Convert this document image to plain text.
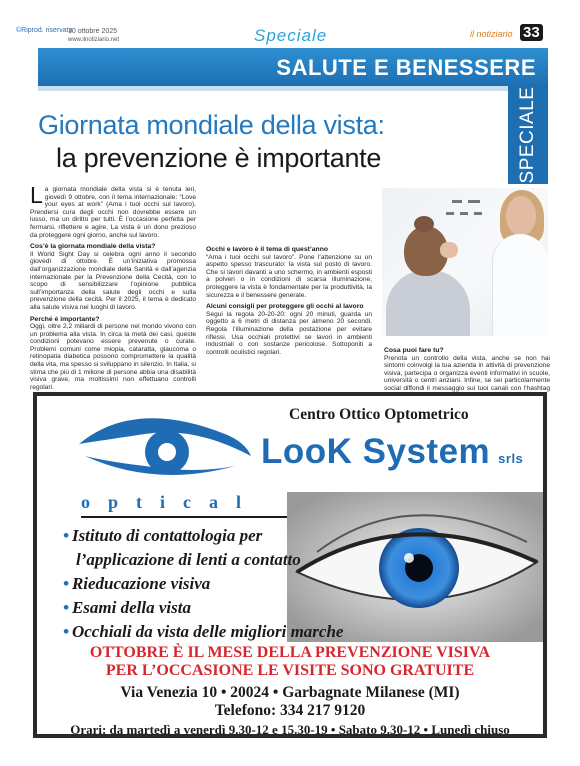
©Riprod. riservata
10 ottobre 2025
www.ilnotiziario.net	Speciale	il notiziario 33
SALUTE E BENESSERE
SPECIALE
Giornata mondiale della vista:
la prevenzione è importante

La giornata mondiale della vista si è tenuta ieri, giovedì 9 ottobre, con il tema internazionale: “Love your eyes at work” (Ama i tuoi occhi sul lavoro). Prendersi cura degli occhi non dovrebbe essere un lusso, ma un diritto per tutti. È l’occasione perfetta per fermarsi, riflettere e agire. La vista è un dono prezioso da proteggere ogni giorno, anche sul lavoro.

Cos’è la giornata mondiale della vista?

Il World Sight Day si celebra ogni anno il secondo giovedì di ottobre. È un’iniziativa promossa dall’organizzazione mondiale della Sanità e dall’agenzia internazionale per la Prevenzione della Cecità, con lo scopo di sensibilizzare l’opinione pubblica sull’importanza della salute degli occhi e sulla prevenzione della cecità. Per il 2025, il tema è dedicato alla salute visiva nei luoghi di lavoro.

Perché è importante?

Oggi, oltre 2,2 miliardi di persone nel mondo vivono con un problema alla vista. In circa la metà dei casi, queste condizioni potevano essere prevenute o curate. Problemi comuni come miopia, cataratta, glaucoma o retinopatia diabetica possono compromettere la qualità della vita, ma spesso si sviluppano in silenzio. In Italia, si stima che più di 1 milione di persone abbia una disabilità visiva grave, ma moltissimi non effettuano controlli regolari.

Occhi e lavoro è il tema di quest’anno

“Ama i tuoi occhi sul lavoro”. Pone l’attenzione su un aspetto spesso trascurato: la vista sul posto di lavoro. Che si lavori davanti a uno schermo, in ambienti esposti a polveri o in condizioni di scarsa illuminazione, proteggere la vista è fondamentale per la produttività, la sicurezza e il benessere generale.

Alcuni consigli per proteggere gli occhi al lavoro

Segui la regola 20-20-20: ogni 20 minuti, guarda un oggetto a 6 metri di distanza per almeno 20 secondi. Regola l’illuminazione della postazione per evitare riflessi. Usa occhiali protettivi se lavori in ambienti industriali o con sostanze pericolose. Sottoponiti a controlli oculistici regolari.	Cosa puoi fare tu?

Prenota un controllo della vista, anche se non hai sintomi coinvolgi la tua azienda in attività di prevenzione visiva, partecipa o organizza eventi informativi in scuole, università o centri anziani. Infine, se sei particolarmente social diffondi il messaggio sui tuoi canali con l’hashtag

Centro Ottico Optometrico
LooK System srls
optical
• Istituto di contattologia per
l’applicazione di lenti a contatto
• Rieducazione visiva
• Esami della vista
• Occhiali da vista delle migliori marche
OTTOBRE È IL MESE DELLA PREVENZIONE VISIVA
PER L’OCCASIONE LE VISITE SONO GRATUITE
Via Venezia 10 • 20024 • Garbagnate Milanese (MI)
Telefono: 334 217 9120
Orari: da martedì a venerdì 9.30-12 e 15.30-19 • Sabato 9.30-12 • Lunedì chiuso
